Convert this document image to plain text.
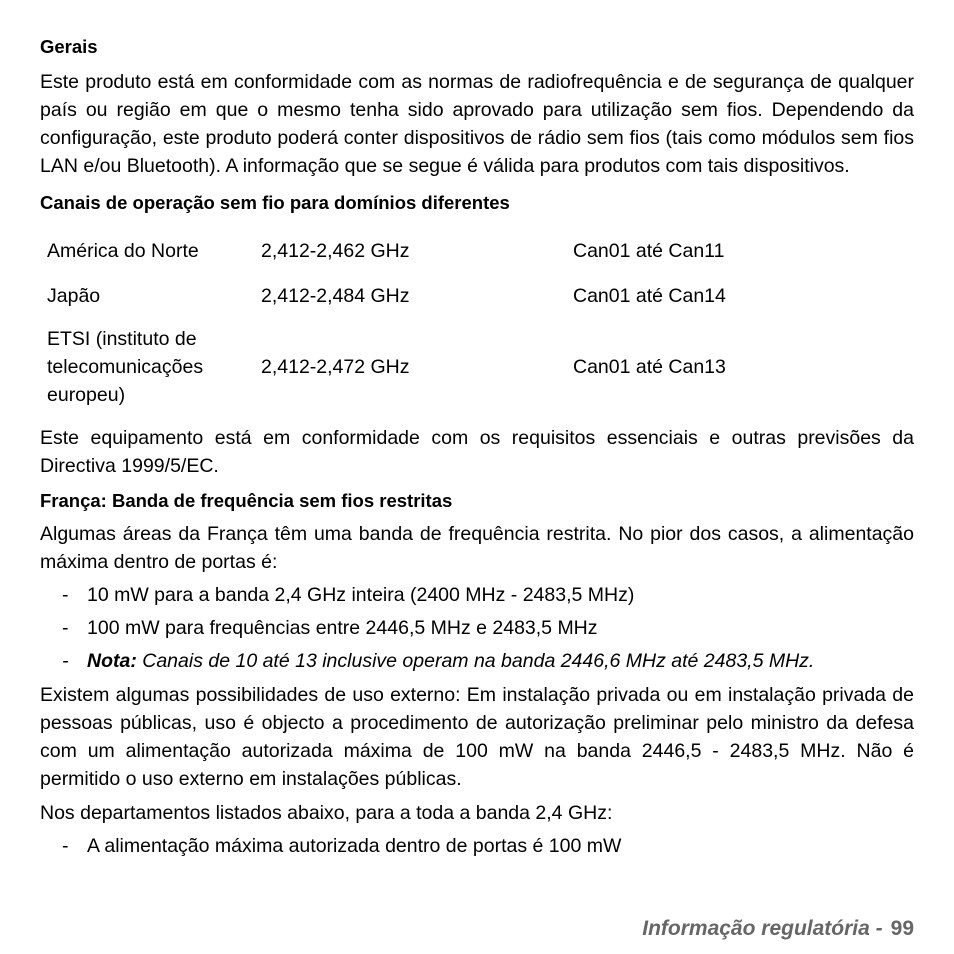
Gerais

Este produto está em conformidade com as normas de radiofrequência e de segurança de qualquer país ou região em que o mesmo tenha sido aprovado para utilização sem fios. Dependendo da configuração, este produto poderá conter dispositivos de rádio sem fios (tais como módulos sem fios LAN e/ou Bluetooth). A informação que se segue é válida para produtos com tais dispositivos.

Canais de operação sem fio para domínios diferentes
América do Norte	2,412-2,462 GHz	Can01 até Can11
Japão	2,412-2,484 GHz	Can01 até Can14
ETSI (instituto de telecomunicações europeu)	2,412-2,472 GHz	Can01 até Can13

Este equipamento está em conformidade com os requisitos essenciais e outras previsões da Directiva 1999/5/EC.

França: Banda de frequência sem fios restritas

Algumas áreas da França têm uma banda de frequência restrita. No pior dos casos, a alimentação máxima dentro de portas é:

- 10 mW para a banda 2,4 GHz inteira (2400 MHz - 2483,5 MHz)
- 100 mW para frequências entre 2446,5 MHz e 2483,5 MHz
- Nota: Canais de 10 até 13 inclusive operam na banda 2446,6 MHz até 2483,5 MHz.

Existem algumas possibilidades de uso externo: Em instalação privada ou em instalação privada de pessoas públicas, uso é objecto a procedimento de autorização preliminar pelo ministro da defesa com um alimentação autorizada máxima de 100 mW na banda 2446,5 - 2483,5 MHz. Não é permitido o uso externo em instalações públicas.

Nos departamentos listados abaixo, para a toda a banda 2,4 GHz:

- A alimentação máxima autorizada dentro de portas é 100 mW
Informação regulatória - 99
